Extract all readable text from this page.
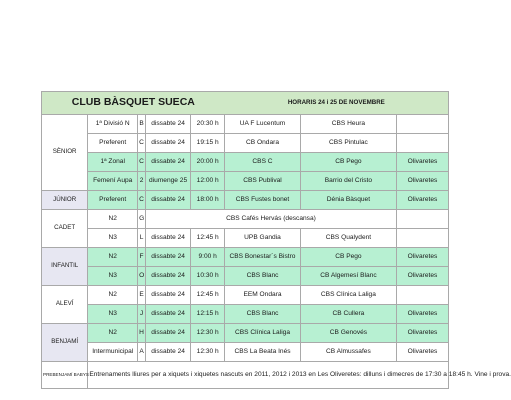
CLUB BÀSQUET SUECA					HORARIS 24 i 25 DE NOVEMBRE		
SÈNIOR	1ª Divisió N	B	dissabte 24	20:30 h	UA F Lucentum	CBS Heura	
	Preferent	C	dissabte 24	19:15 h	CB Ondara	CBS Pintulac	
	1ª Zonal	C	dissabte 24	20:00 h	CBS C	CB Pego	Olivaretes
	Femení Aupa	2	diumenge 25	12:00 h	CBS Publival	Barrio del Cristo	Olivaretes
JÚNIOR	Preferent	C	dissabte 24	18:00 h	CBS Fustes bonet	Dénia Bàsquet	Olivaretes
CADET	N2	G	CBS Cafés Hervás (descansa)				
	N3	L	dissabte 24	12:45 h	UPB Gandia	CBS Qualydent	
INFANTIL	N2	F	dissabte 24	9:00 h	CBS Bonestar´s Bistro	CB Pego	Olivaretes
	N3	O	dissabte 24	10:30 h	CBS Blanc	CB Algemesí Blanc	Olivaretes
ALEVÍ	N2	E	dissabte 24	12:45 h	EEM Ondara	CBS Clínica Laliga	
	N3	J	dissabte 24	12:15 h	CBS Blanc	CB Cullera	Olivaretes
BENJAMÍ	N2	H	dissabte 24	12:30 h	CBS Clínica Laliga	CB Genovés	Olivaretes
	Intermunicipal	A	dissabte 24	12:30 h	CBS La Beata Inés	CB Almussafes	Olivaretes
PREBENJAMÍ BABYS	Entrenaments lliures per a xiquets i xiquetes nascuts en 2011, 2012 i 2013 en Les Oliveretes: dilluns i dimecres de 17:30 a 18:45 h. Vine i prova.						
